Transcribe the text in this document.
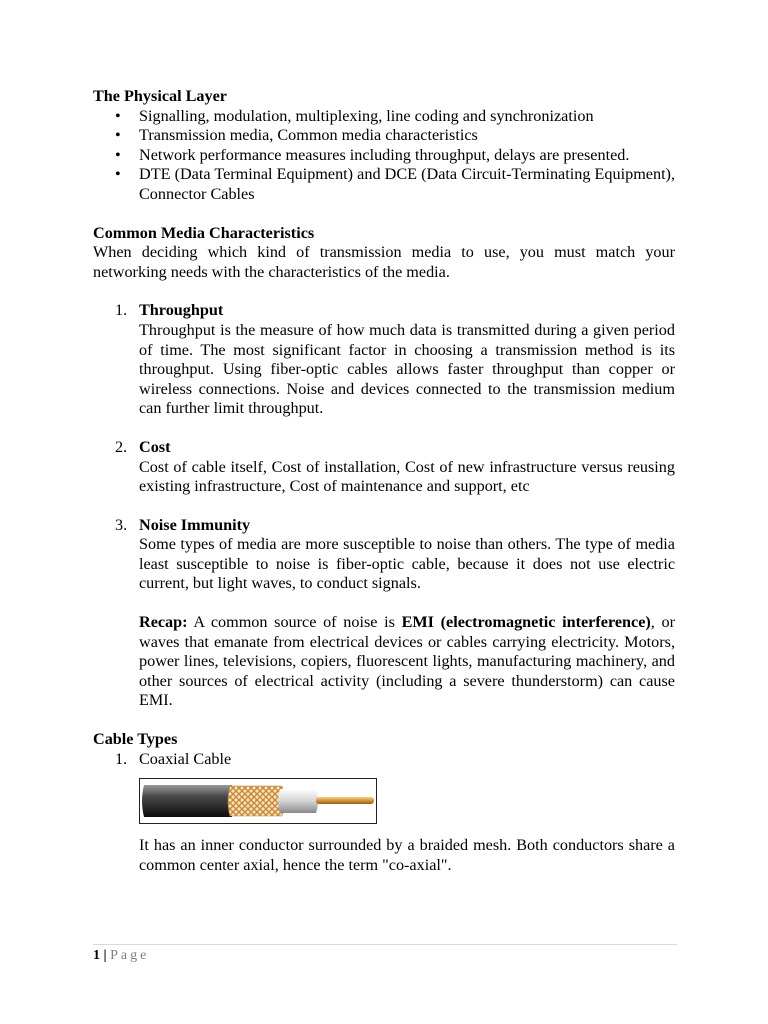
The Physical Layer

• Signalling, modulation, multiplexing, line coding and synchronization
• Transmission media, Common media characteristics
• Network performance measures including throughput, delays are presented.
• DTE (Data Terminal Equipment) and DCE (Data Circuit-Terminating Equipment), Connector Cables

Common Media Characteristics

When deciding which kind of transmission media to use, you must match your networking needs with the characteristics of the media.

1. Throughput

Throughput is the measure of how much data is transmitted during a given period of time. The most significant factor in choosing a transmission method is its throughput. Using fiber-optic cables allows faster throughput than copper or wireless connections. Noise and devices connected to the transmission medium can further limit throughput.

2. Cost

Cost of cable itself, Cost of installation, Cost of new infrastructure versus reusing existing infrastructure, Cost of maintenance and support, etc

3. Noise Immunity

Some types of media are more susceptible to noise than others. The type of media least susceptible to noise is fiber-optic cable, because it does not use electric current, but light waves, to conduct signals.

Recap: A common source of noise is EMI (electromagnetic interference), or waves that emanate from electrical devices or cables carrying electricity. Motors, power lines, televisions, copiers, fluorescent lights, manufacturing machinery, and other sources of electrical activity (including a severe thunderstorm) can cause EMI.

Cable Types

1. Coaxial Cable

It has an inner conductor surrounded by a braided mesh. Both conductors share a common center axial, hence the term "co-axial".

1 | Page
